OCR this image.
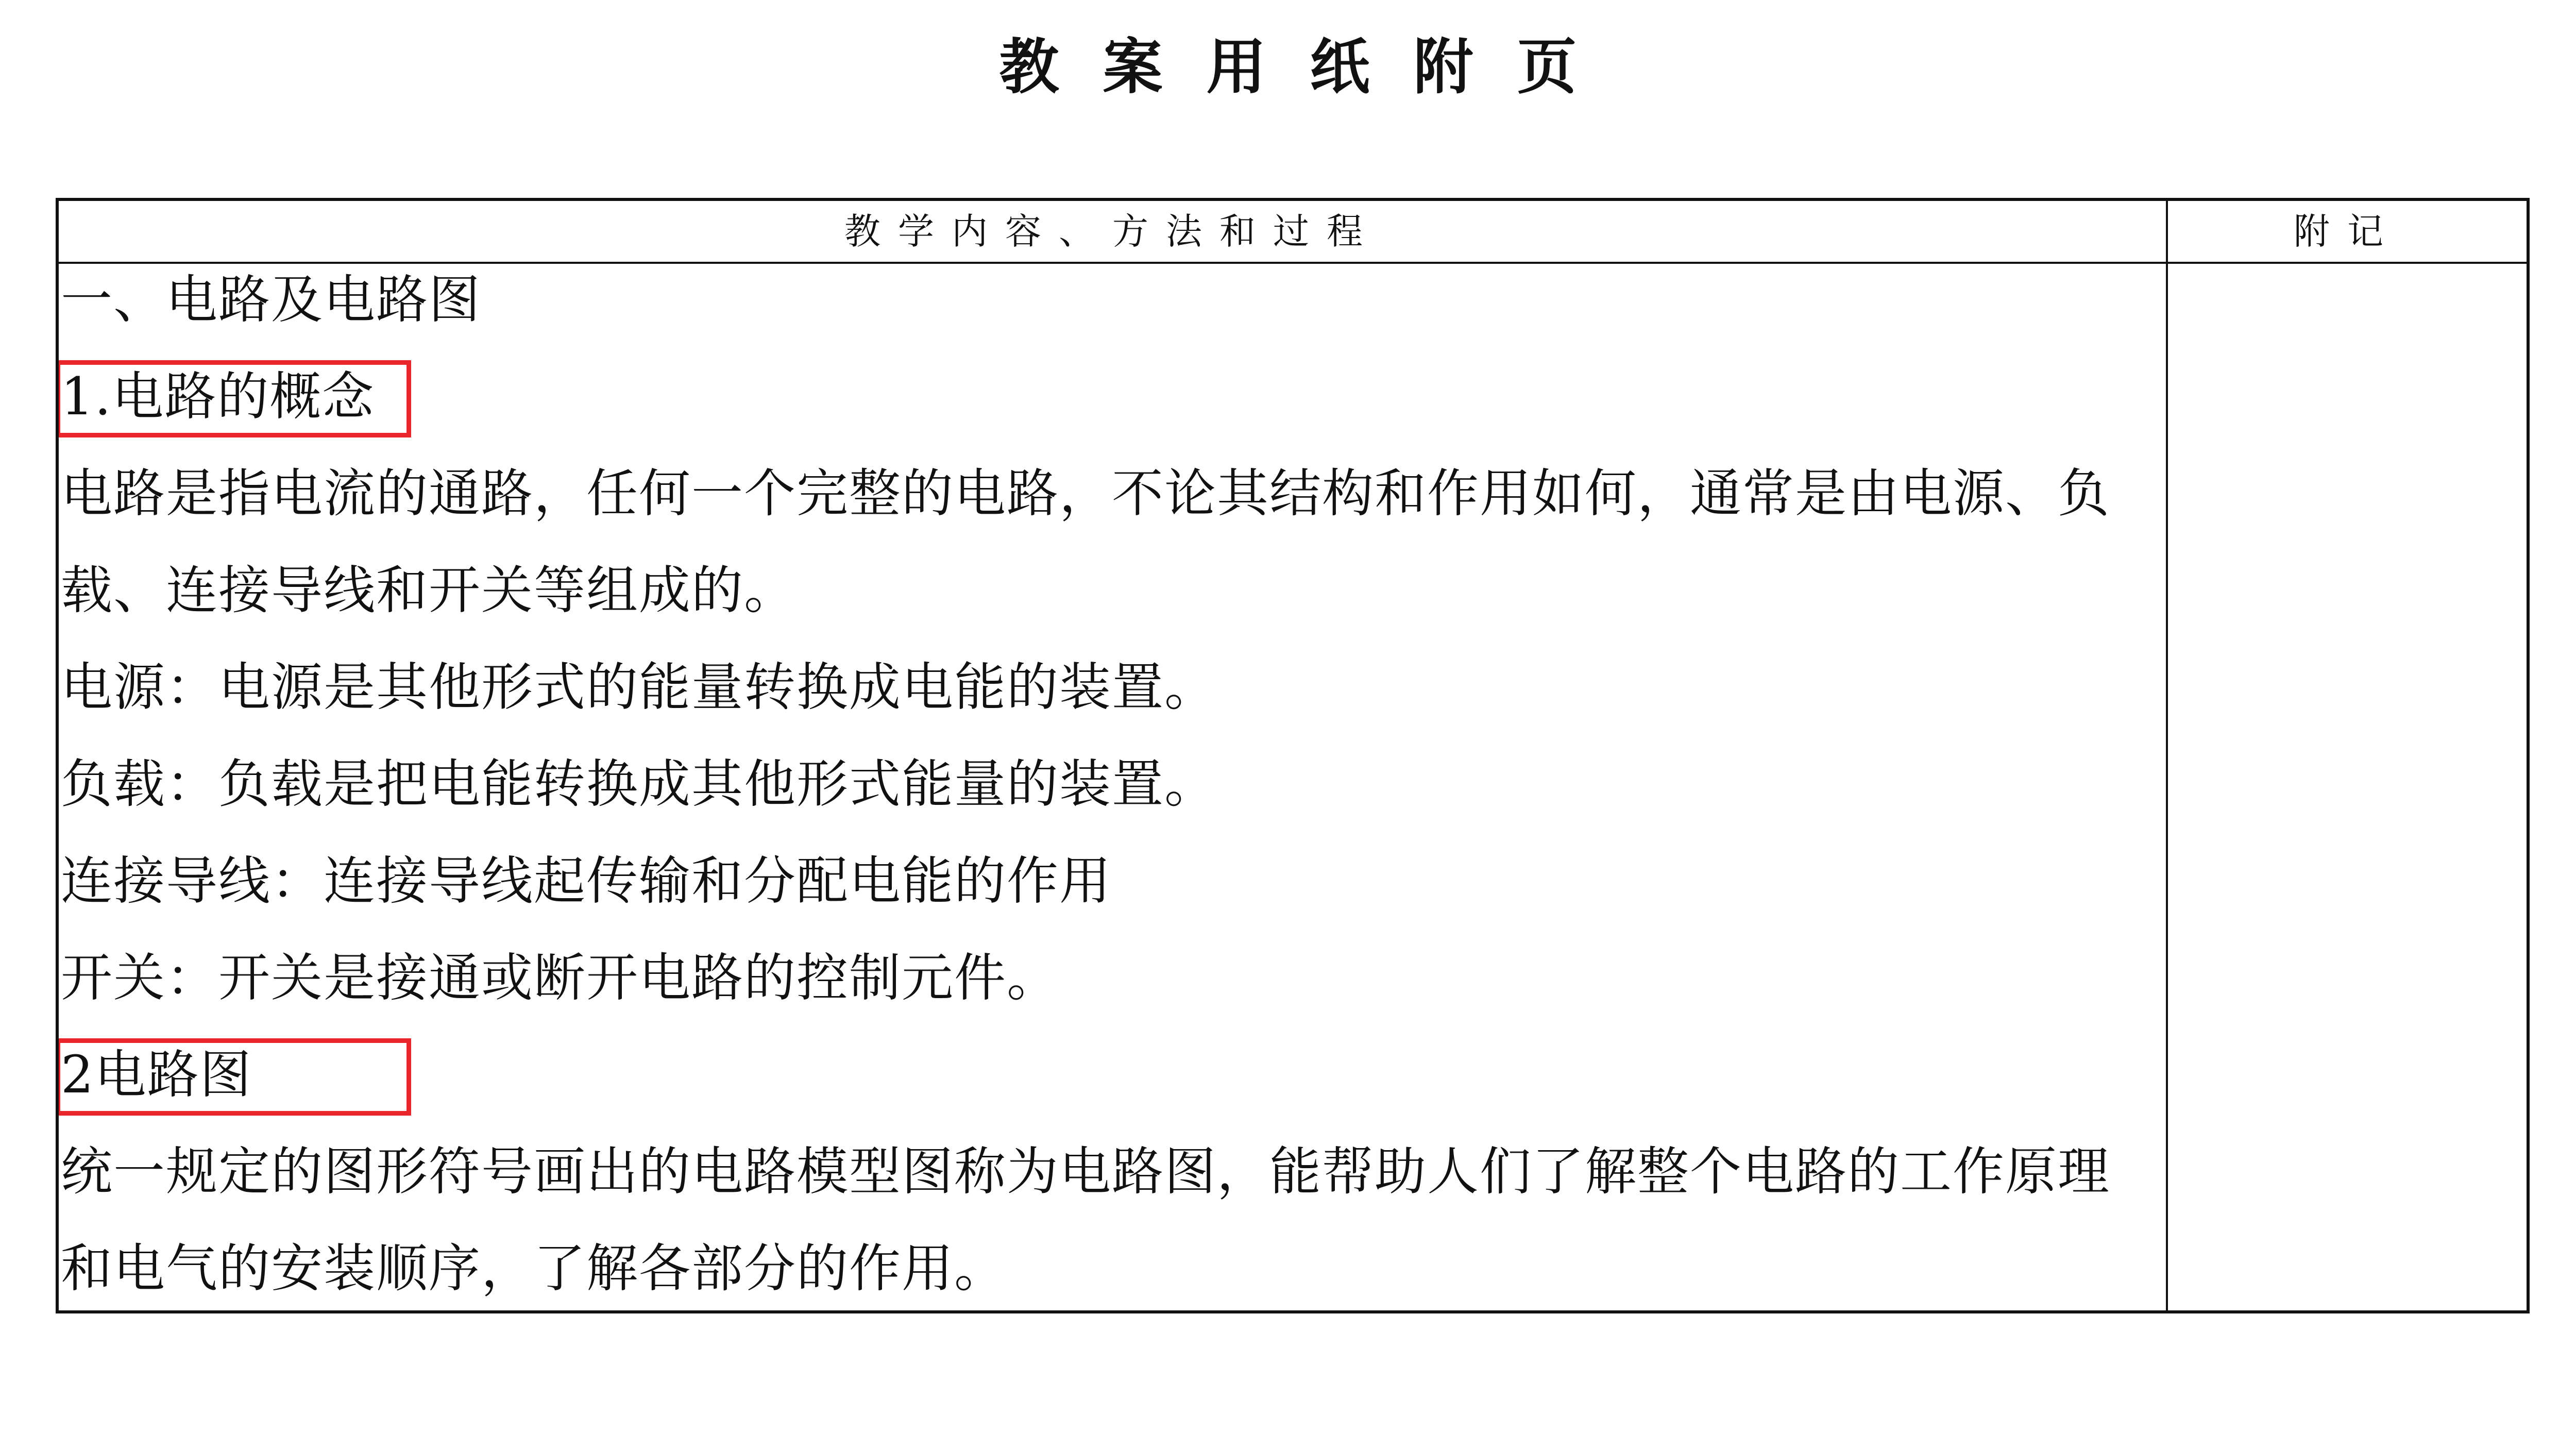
教案用纸附页
教学内容、方法和过程	附记
一、电路及电路图
1.电路的概念
电路是指电流的通路，任何一个完整的电路，不论其结构和作用如何，通常是由电源、负
载、连接导线和开关等组成的。
电源：电源是其他形式的能量转换成电能的装置。
负载：负载是把电能转换成其他形式能量的装置。
连接导线：连接导线起传输和分配电能的作用
开关：开关是接通或断开电路的控制元件。
2电路图
统一规定的图形符号画出的电路模型图称为电路图，能帮助人们了解整个电路的工作原理
和电气的安装顺序，了解各部分的作用。
